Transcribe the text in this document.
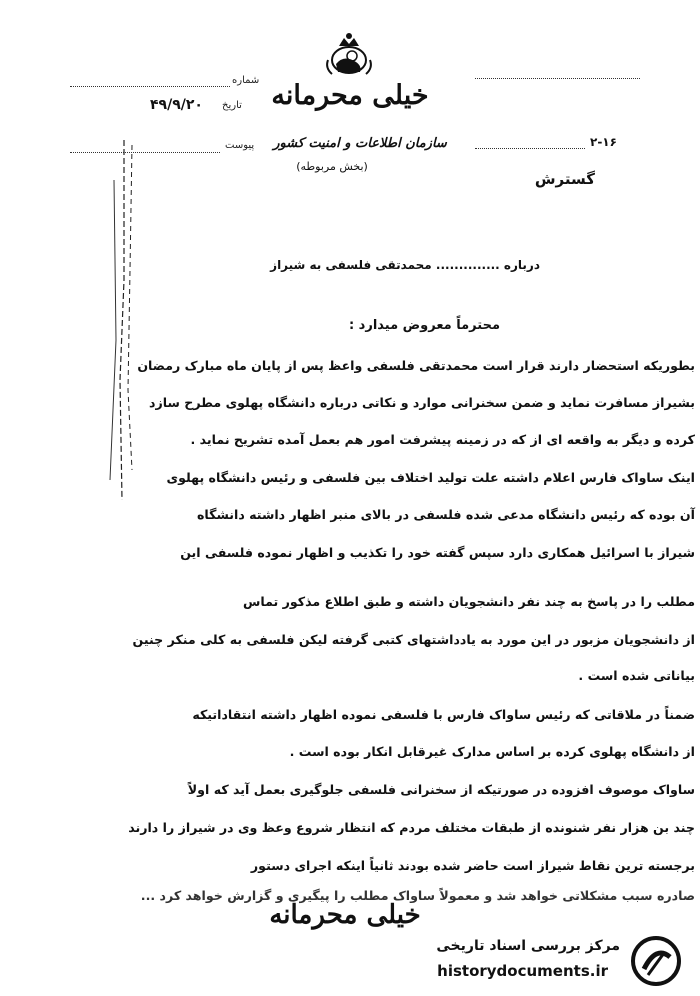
خیلی محرمانه
سازمان اطلاعات و امنیت کشور
(بخش مربوطه)
شماره
تاریخ
۴۹/۹/۲۰
پیوست	۲-۱۶
گسترش
درباره .............. محمدتقی فلسفی به شیراز
محترماً معروض میدارد :
بطوریکه استحضار دارند قرار است محمدتقی فلسفی واعظ پس از پایان ماه مبارک رمضان
بشیراز مسافرت نماید و ضمن سخنرانی موارد و نکاتی درباره دانشگاه پهلوی مطرح سازد
کرده و دیگر به واقعه ای از که در زمینه پیشرفت امور هم بعمل آمده تشریح نماید .
اینک ساواک فارس اعلام داشته علت تولید اختلاف بین فلسفی و رئیس دانشگاه پهلوی
آن بوده که رئیس دانشگاه مدعی شده فلسفی در بالای منبر اظهار داشته دانشگاه
شیراز با اسرائیل همکاری دارد سپس گفته خود را تکذیب و اظهار نموده فلسفی این
مطلب را در پاسخ به چند نفر دانشجویان داشته و طبق اطلاع مذکور تماس
از دانشجویان مزبور در این مورد به یادداشتهای کتبی گرفته لیکن فلسفی به کلی منکر چنین
بیاناتی شده است .
ضمناً در ملاقاتی که رئیس ساواک فارس با فلسفی نموده اظهار داشته انتقاداتیکه
از دانشگاه پهلوی کرده بر اساس مدارک غیرقابل انکار بوده است .
ساواک موصوف افزوده در صورتیکه از سخنرانی فلسفی جلوگیری بعمل آید که اولاً
چند بن هزار نفر شنونده از طبقات مختلف مردم که انتظار شروع وعظ وی در شیراز را دارند
برجسته ترین نقاط شیراز است حاضر شده بودند ثانیاً اینکه اجرای دستور
صادره سبب مشکلاتی خواهد شد و معمولاً ساواک مطلب را پیگیری و گزارش خواهد کرد ...
خیلی محرمانه
مرکز بررسی اسناد تاریخی
historydocuments.ir
